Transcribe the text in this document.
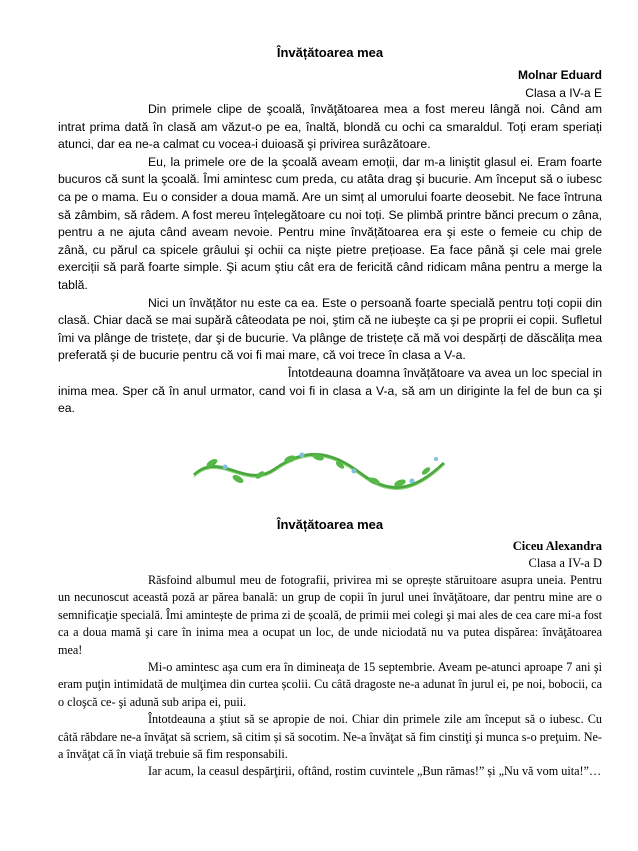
Învățătoarea mea
Molnar Eduard
Clasa a IV-a E

Din primele clipe de şcoală, învăţătoarea mea a fost mereu lângă noi. Când am intrat prima dată în clasă am văzut-o pe ea, înaltă, blondă cu ochi ca smaraldul. Toți eram speriați atunci, dar ea ne-a calmat cu vocea-i duioasă şi privirea surâzătoare.

Eu, la primele ore de la şcoală aveam emoții, dar m-a liniştit glasul ei. Eram foarte bucuros că sunt la şcoală. Îmi amintesc cum preda, cu atâta drag şi bucurie. Am început să o iubesc ca pe o mama. Eu o consider a doua mamă. Are un simț al umorului foarte deosebit. Ne face întruna să zâmbim, să râdem. A fost mereu înțelegătoare cu noi toți. Se plimbă printre bănci precum o zâna, pentru a ne ajuta când aveam nevoie. Pentru mine învățătoarea era şi este o femeie cu chip de zână, cu părul ca spicele grâului şi ochii ca nişte pietre prețioase. Ea face până şi cele mai grele exerciții să pară foarte simple. Şi acum ştiu cât era de fericită când ridicam mâna pentru a merge la tablă.

Nici un învățător nu este ca ea. Este o persoană foarte specială pentru toți copii din clasă. Chiar dacă se mai supără câteodata pe noi, ştim că ne iubeşte ca şi pe proprii ei copii. Sufletul îmi va plânge de tristețe, dar şi de bucurie. Va plânge de tristețe că mă voi despărți de dăscălița mea preferată şi de bucurie pentru că voi fi mai mare, că voi trece în clasa a V-a.

Întotdeauna doamna învățătoare va avea un loc special in inima mea. Sper că în anul urmator, cand voi fi in clasa a V-a, să am un diriginte la fel de bun ca şi ea.

Învățătoarea mea
Ciceu Alexandra
Clasa a IV-a D

Răsfoind albumul meu de fotografii, privirea mi se oprește stăruitoare asupra uneia. Pentru un necunoscut această poză ar părea banală: un grup de copii în jurul unei învăţătoare, dar pentru mine are o semnificaţie specială. Îmi amintește de prima zi de școală, de primii mei colegi şi mai ales de cea care mi-a fost ca a doua mamă şi care în inima mea a ocupat un loc, de unde niciodată nu va putea dispărea: învăţătoarea mea!

Mi-o amintesc aşa cum era în dimineaţa de 15 septembrie. Aveam pe-atunci aproape 7 ani şi eram puţin intimidată de mulţimea din curtea școlii. Cu câtă dragoste ne-a adunat în jurul ei, pe noi, bobocii, ca o cloşcă ce- şi adună sub aripa ei, puii.

Întotdeauna a ştiut să se apropie de noi. Chiar din primele zile am început să o iubesc. Cu câtă răbdare ne-a învăţat să scriem, să citim și să socotim. Ne-a învăţat să fim cinstiţi şi munca s-o preţuim. Ne-a învăţat că în viaţă trebuie să fim responsabili.

Iar acum, la ceasul despărţirii, oftând, rostim cuvintele „Bun rămas!” și „Nu vă vom uita!”…
